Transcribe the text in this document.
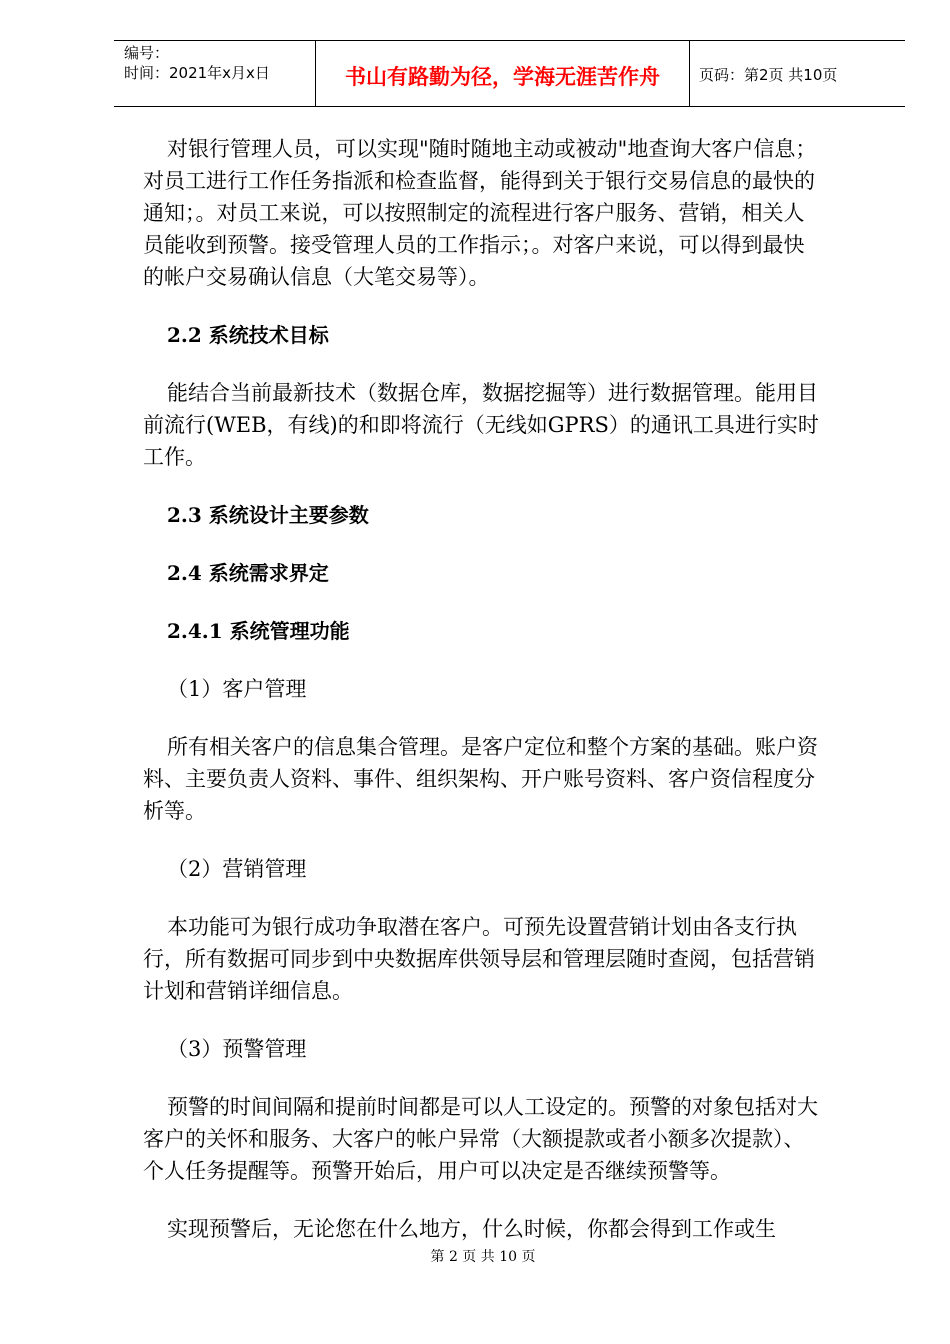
编号：
时间：2021年x月x日	书山有路勤为径，学海无涯苦作舟	页码：第2页 共10页

对银行管理人员，可以实现"随时随地主动或被动"地查询大客户信息；对员工进行工作任务指派和检查监督，能得到关于银行交易信息的最快的通知；。对员工来说，可以按照制定的流程进行客户服务、营销，相关人员能收到预警。接受管理人员的工作指示；。对客户来说，可以得到最快的帐户交易确认信息（大笔交易等）。

2.2 系统技术目标

能结合当前最新技术（数据仓库，数据挖掘等）进行数据管理。能用目前流行(WEB，有线)的和即将流行（无线如GPRS）的通讯工具进行实时工作。

2.3 系统设计主要参数
2.4 系统需求界定
2.4.1 系统管理功能
（1）客户管理

所有相关客户的信息集合管理。是客户定位和整个方案的基础。账户资料、主要负责人资料、事件、组织架构、开户账号资料、客户资信程度分析等。

（2）营销管理

本功能可为银行成功争取潜在客户。可预先设置营销计划由各支行执行，所有数据可同步到中央数据库供领导层和管理层随时查阅，包括营销计划和营销详细信息。

（3）预警管理

预警的时间间隔和提前时间都是可以人工设定的。预警的对象包括对大客户的关怀和服务、大客户的帐户异常（大额提款或者小额多次提款）、个人任务提醒等。预警开始后，用户可以决定是否继续预警等。

实现预警后，无论您在什么地方，什么时候，你都会得到工作或生

第 2 页 共 10 页
